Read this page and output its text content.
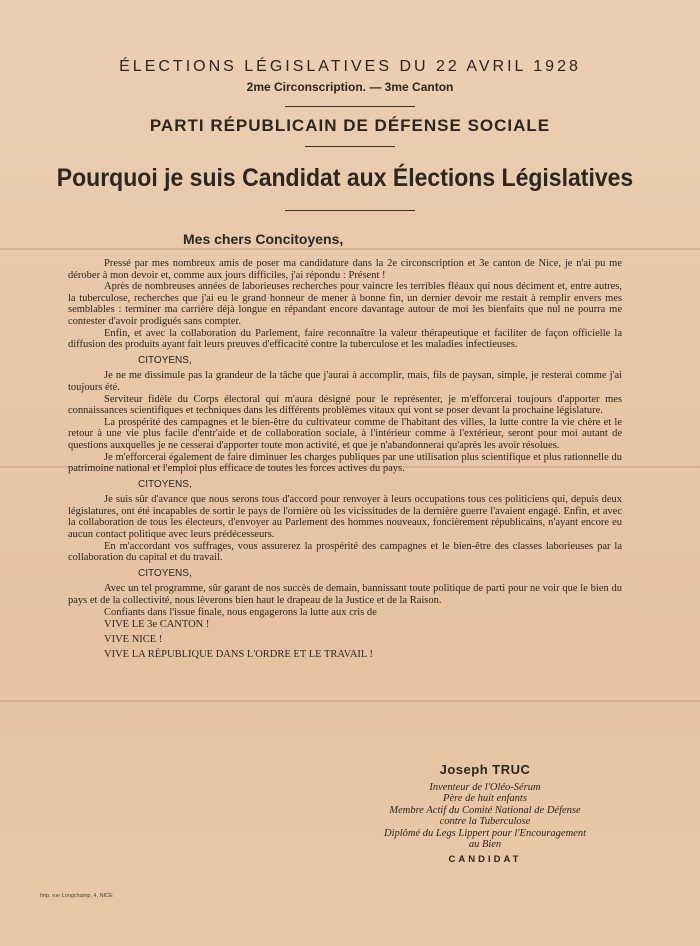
ÉLECTIONS LÉGISLATIVES DU 22 AVRIL 1928
2me Circonscription. — 3me Canton
PARTI RÉPUBLICAIN DE DÉFENSE SOCIALE
Pourquoi je suis Candidat aux Élections Législatives
Mes chers Concitoyens,

Pressé par mes nombreux amis de poser ma candidature dans la 2e circonscription et 3e canton de Nice, je n'ai pu me dérober à mon devoir et, comme aux jours difficiles, j'ai répondu : Présent !

Après de nombreuses années de laborieuses recherches pour vaincre les terribles fléaux qui nous déciment et, entre autres, la tuberculose, recherches que j'ai eu le grand honneur de mener à bonne fin, un dernier devoir me restait à remplir envers mes semblables : terminer ma carrière déjà longue en répandant encore davantage autour de moi les bienfaits que nul ne pourra me contester d'avoir prodigués sans compter.

Enfin, et avec la collaboration du Parlement, faire reconnaître la valeur thérapeutique et faciliter de façon officielle la diffusion des produits ayant fait leurs preuves d'efficacité contre la tuberculose et les maladies infectieuses.

CITOYENS,

Je ne me dissimule pas la grandeur de la tâche que j'aurai à accomplir, mais, fils de paysan, simple, je resterai comme j'ai toujours été.

Serviteur fidèle du Corps électoral qui m'aura désigné pour le représenter, je m'efforcerai toujours d'apporter mes connaissances scientifiques et techniques dans les différents problèmes vitaux qui vont se poser devant la prochaine législature.

La prospérité des campagnes et le bien-être du cultivateur comme de l'habitant des villes, la lutte contre la vie chère et le retour à une vie plus facile d'entr'aide et de collaboration sociale, à l'intérieur comme à l'extérieur, seront pour moi autant de questions auxquelles je ne cesserai d'apporter toute mon activité, et que je n'abandonnerai qu'après les avoir résolues.

Je m'efforcerai également de faire diminuer les charges publiques par une utilisation plus scientifique et plus rationnelle du patrimoine national et l'emploi plus efficace de toutes les forces actives du pays.

CITOYENS,

Je suis sûr d'avance que nous serons tous d'accord pour renvoyer à leurs occupations tous ces politiciens qui, depuis deux législatures, ont été incapables de sortir le pays de l'ornière où les vicissitudes de la dernière guerre l'avaient engagé. Enfin, et avec la collaboration de tous les électeurs, d'envoyer au Parlement des hommes nouveaux, foncièrement républicains, n'ayant encore eu aucun contact politique avec leurs prédécesseurs.

En m'accordant vos suffrages, vous assurerez la prospérité des campagnes et le bien-être des classes laborieuses par la collaboration du capital et du travail.

CITOYENS,

Avec un tel programme, sûr garant de nos succès de demain, bannissant toute politique de parti pour ne voir que le bien du pays et de la collectivité, nous lèverons bien haut le drapeau de la Justice et de la Raison.

Confiants dans l'issue finale, nous engagerons la lutte aux cris de

VIVE LE 3e CANTON !
VIVE NICE !
VIVE LA RÉPUBLIQUE DANS L'ORDRE ET LE TRAVAIL !
Joseph TRUC
Inventeur de l'Oléo-Sérum
Père de huit enfants
Membre Actif du Comité National de Défense
contre la Tuberculose
Diplômé du Legs Lippert pour l'Encouragement
au Bien
CANDIDAT
Imp. rue Longchamp, 4, NICE
